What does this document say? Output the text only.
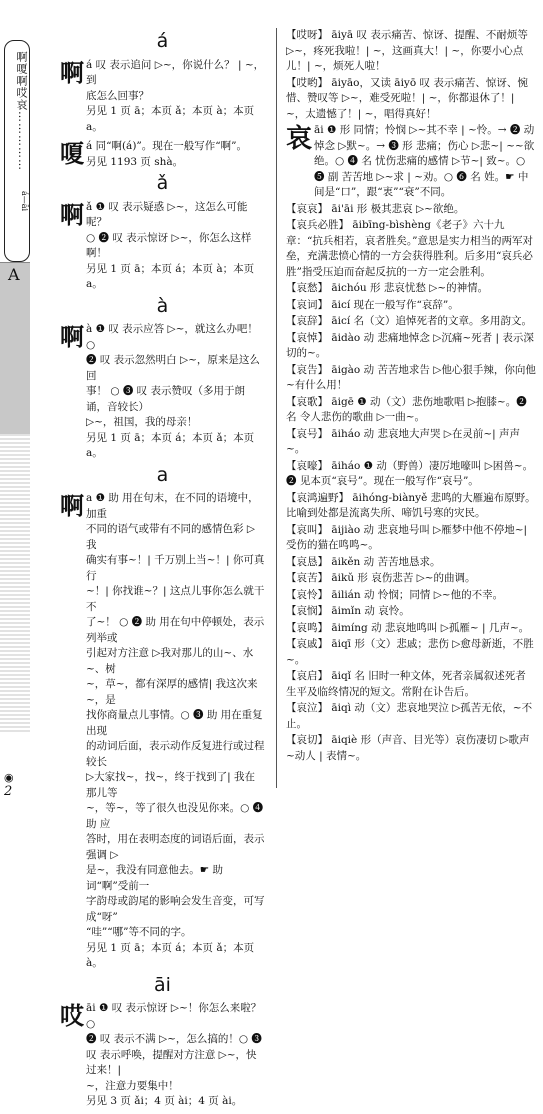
啊嗄啊哎哀
……………
á—āi
A
◉
2
á
啊 á 叹 表示追问 ▷~，你说什么？ | ~，到
底怎么回事？
另见 1 页 ā；本页 ǎ；本页 à；本页 a。
嗄 á 同“啊(á)”。现在一般写作“啊”。
另见 1193 页 shà。
ǎ
啊 ǎ ❶ 叹 表示疑惑 ▷~，这怎么可能呢？
○ ❷ 叹 表示惊讶 ▷~，你怎么这样啊！
另见 1 页 ā；本页 á；本页 à；本页 a。
à
啊 à ❶ 叹 表示应答 ▷~，就这么办吧！ ○
❷ 叹 表示忽然明白 ▷~，原来是这么回
事！ ○ ❸ 叹 表示赞叹（多用于朗诵，音较长）
▷~，祖国，我的母亲！
另见 1 页 ā；本页 á；本页 ǎ；本页 a。
a
啊 a ❶ 助 用在句末，在不同的语境中，加重
不同的语气或带有不同的感情色彩 ▷我
确实有事~！| 千万别上当~！| 你可真行
~！| 你找谁~？| 这点儿事你怎么就干不
了~！ ○ ❷ 助 用在句中停顿处，表示列举或
引起对方注意 ▷我对那儿的山~、水~、树
~，草~，都有深厚的感情| 我这次来~，是
找你商量点儿事情。○ ❸ 助 用在重复出现
的动词后面，表示动作反复进行或过程较长
▷大家找~，找~，终于找到了| 我在那儿等
~，等~，等了很久也没见你来。○ ❹ 助 应
答时，用在表明态度的词语后面，表示强调 ▷
是~，我没有同意他去。☛ 助词“啊”受前一
字韵母或韵尾的影响会发生音变，可写成“呀”
“哇”“哪”等不同的字。
另见 1 页 ā；本页 á；本页 ǎ；本页 à。
āi
哎 āi ❶ 叹 表示惊讶 ▷~！你怎么来啦？○
❷ 叹 表示不满 ▷~，怎么搞的！○ ❸
叹 表示呼唤，提醒对方注意 ▷~，快过来！|
~，注意力要集中！
另见 3 页 ǎi；4 页 ài；4 页 ài。
【哎呀】 āiyā 叹 表示痛苦、惊讶、提醒、不耐烦等 ▷~，疼死我啦！| ~，这画真大！| ~，你要小心点儿！| ~，烦死人啦！
【哎哟】 āiyāo，又读 āiyō 叹 表示痛苦、惊讶、惋惜、赞叹等 ▷~，难受死啦！| ~，你都退休了！| ~，太遗憾了！| ~，唱得真好！
哀 āi ❶ 形 同情；怜悯 ▷~其不幸 | ~怜。→ ❷ 动 悼念 ▷默~。→ ❸ 形 悲痛；伤心 ▷悲~| ~~欲绝。○ ❹ 名 忧伤悲痛的感情 ▷节~| 致~。○ ❺ 副 苦苦地 ▷~求 | ~劝。○ ❻ 名 姓。☛ 中间是“口”，跟“衷”“衰”不同。
【哀哀】 āi'āi 形 极其悲哀 ▷~欲绝。
【哀兵必胜】 āibīng-bìshèng《老子》六十九章：“抗兵相若，哀者胜矣。”意思是实力相当的两军对垒，充满悲愤心情的一方会获得胜利。后多用“哀兵必胜”指受压迫而奋起反抗的一方一定会胜利。
【哀愁】 āichóu 形 悲哀忧愁 ▷~的神情。
【哀词】 āicí 现在一般写作“哀辞”。
【哀辞】 āicí 名（文）追悼死者的文章。多用韵文。
【哀悼】 āidào 动 悲痛地悼念 ▷沉痛~死者 | 表示深切的~。
【哀告】 āigào 动 苦苦地求告 ▷他心狠手辣，你向他~有什么用！
【哀歌】 āigē ❶ 动（文）悲伤地歌唱 ▷抱膝~。❷ 名 令人悲伤的歌曲 ▷一曲~。
【哀号】 āiháo 动 悲哀地大声哭 ▷在灵前~| 声声~。
【哀嚎】 āiháo ❶ 动（野兽）凄厉地嚎叫 ▷困兽~。❷ 见本页“哀号”。现在一般写作“哀号”。
【哀鸿遍野】 āihóng-biànyě 悲鸣的大雁遍布原野。比喻到处都是流离失所、啼饥号寒的灾民。
【哀叫】 āijiào 动 悲哀地号叫 ▷雁梦中他不停地~| 受伤的猫在鸣鸣~。
【哀恳】 āikěn 动 苦苦地恳求。
【哀苦】 āikǔ 形 哀伤悲苦 ▷~的曲调。
【哀怜】 āilián 动 怜悯；同情 ▷~他的不幸。
【哀悯】 āimǐn 动 哀怜。
【哀鸣】 āimíng 动 悲哀地鸣叫 ▷孤雁~ | 几声~。
【哀戚】 āiqī 形（文）悲戚；悲伤 ▷愈母新逝，不胜~。
【哀启】 āiqǐ 名 旧时一种文体，死者亲属叙述死者生平及临终情况的短文。常附在讣告后。
【哀泣】 āiqì 动（文）悲哀地哭泣 ▷孤苦无依，~不止。
【哀切】 āiqiè 形（声音、目光等）哀伤凄切 ▷歌声~动人 | 表情~。
